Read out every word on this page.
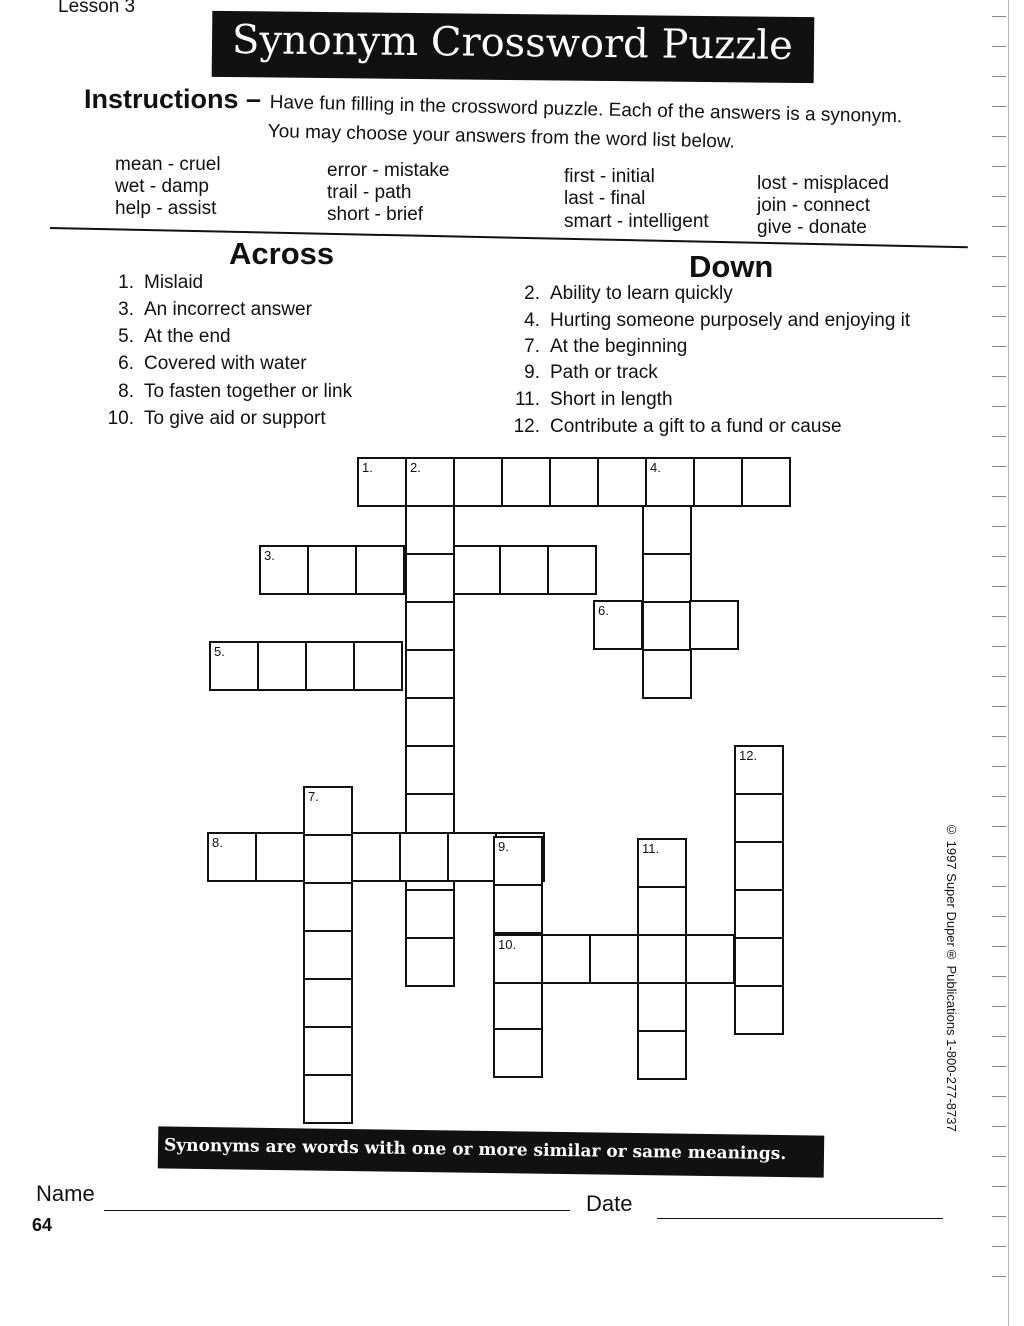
Lesson 3
Synonym Crossword Puzzle
Instructions – Have fun filling in the crossword puzzle. Each of the answers is a synonym.
You may choose your answers from the word list below.
mean - cruel
wet - damp
help - assist
error - mistake
trail - path
short - brief
first - initial
last - final
smart - intelligent
lost - misplaced
join - connect
give - donate
Across
1. Mislaid
3. An incorrect answer
5. At the end
6. Covered with water
8. To fasten together or link
10. To give aid or support
Down
2. Ability to learn quickly
4. Hurting someone purposely and enjoying it
7. At the beginning
9. Path or track
11. Short in length
12. Contribute a gift to a fund or cause
1.	2.	4.
3.
6.
5.
12.
7.
8.	9.	11.
10.
Synonyms are words with one or more similar or same meanings.
Name	Date
64
© 1997 Super Duper® Publications 1-800-277-8737
